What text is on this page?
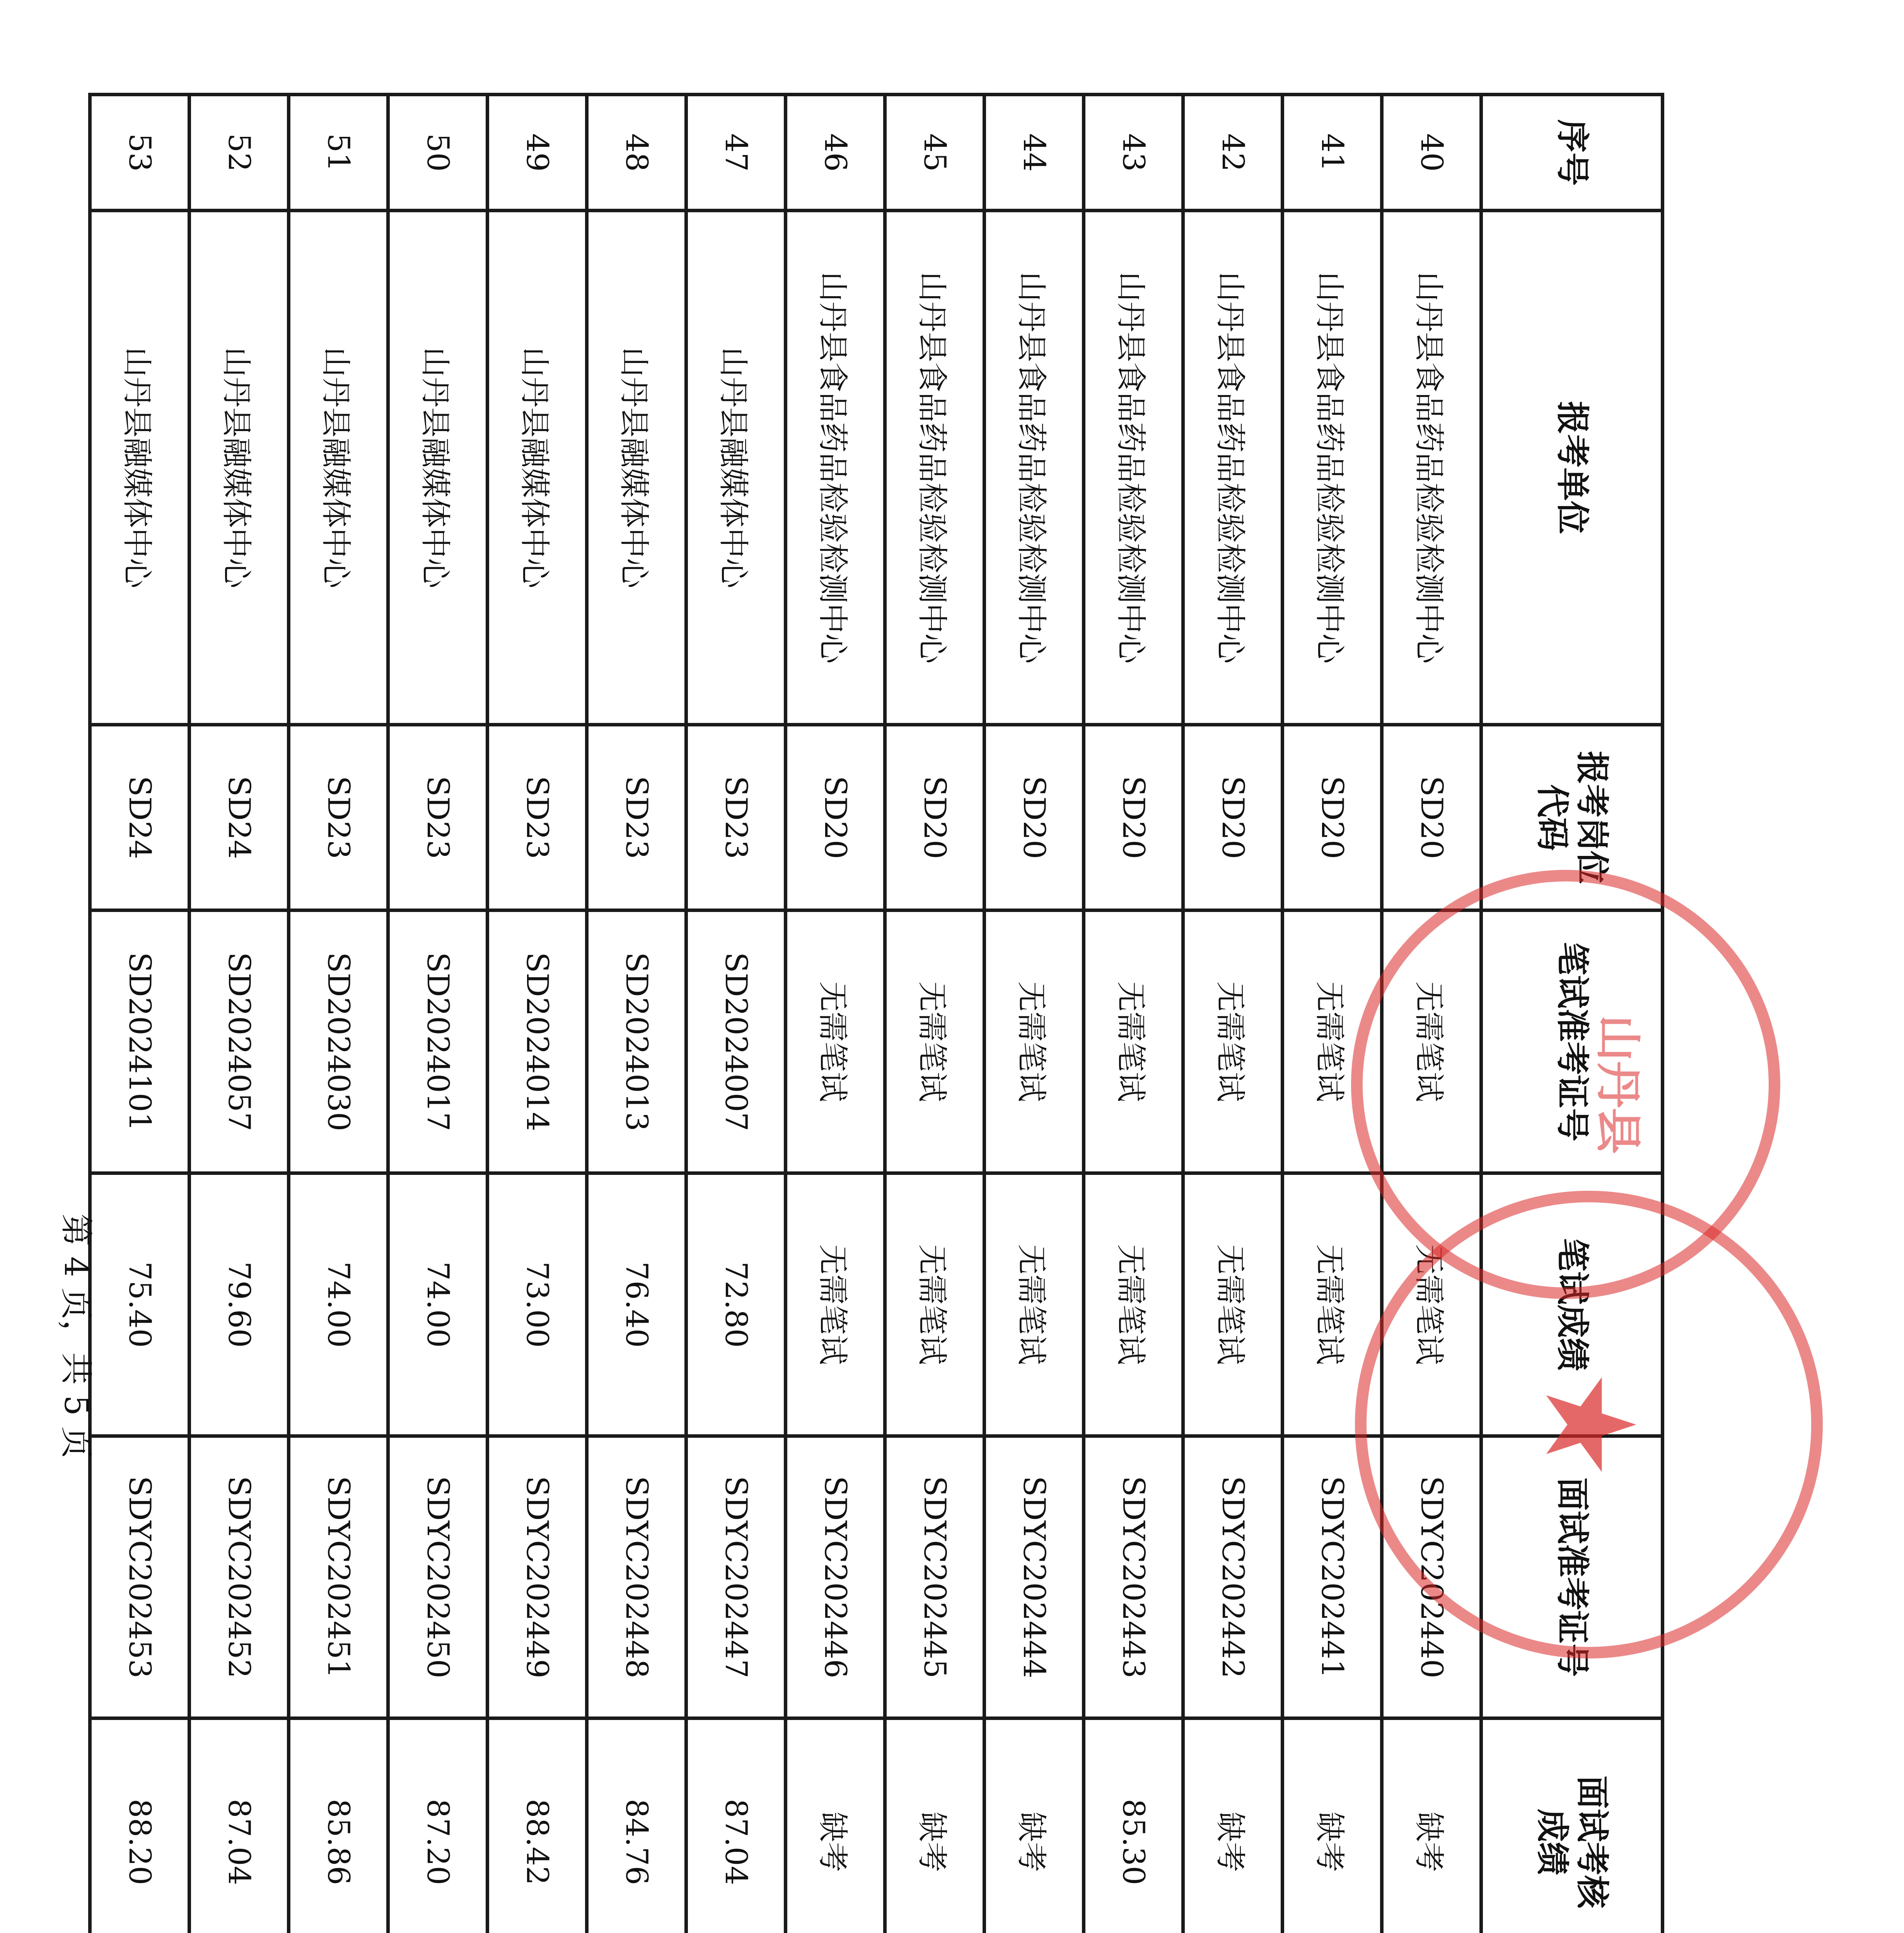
序号	报考单位	报考岗位
代码	笔试准考证号	笔试成绩	面试准考证号	面试考核
成绩

40	山丹县食品药品检验检测中心	SD20	无需笔试	无需笔试	SDYC202440	缺考			
41	山丹县食品药品检验检测中心	SD20	无需笔试	无需笔试	SDYC202441	缺考			
42	山丹县食品药品检验检测中心	SD20	无需笔试	无需笔试	SDYC202442	缺考			
43	山丹县食品药品检验检测中心	SD20	无需笔试	无需笔试	SDYC202443	85.30			
44	山丹县食品药品检验检测中心	SD20	无需笔试	无需笔试	SDYC202444	缺考			
45	山丹县食品药品检验检测中心	SD20	无需笔试	无需笔试	SDYC202445	缺考			
46	山丹县食品药品检验检测中心	SD20	无需笔试	无需笔试	SDYC202446	缺考			
47	山丹县融媒体中心	SD23	SD2024007	72.80	SDYC202447	87.04			
48	山丹县融媒体中心	SD23	SD2024013	76.40	SDYC202448	84.76			
49	山丹县融媒体中心	SD23	SD2024014	73.00	SDYC202449	88.42			
50	山丹县融媒体中心	SD23	SD2024017	74.00	SDYC202450	87.20			
51	山丹县融媒体中心	SD23	SD2024030	74.00	SDYC202451	85.86			
52	山丹县融媒体中心	SD24	SD2024057	79.60	SDYC202452	87.04			
53	山丹县融媒体中心	SD24	SD2024101	75.40	SDYC202453	88.20			
山丹县
★
第 4 页，共 5 页
